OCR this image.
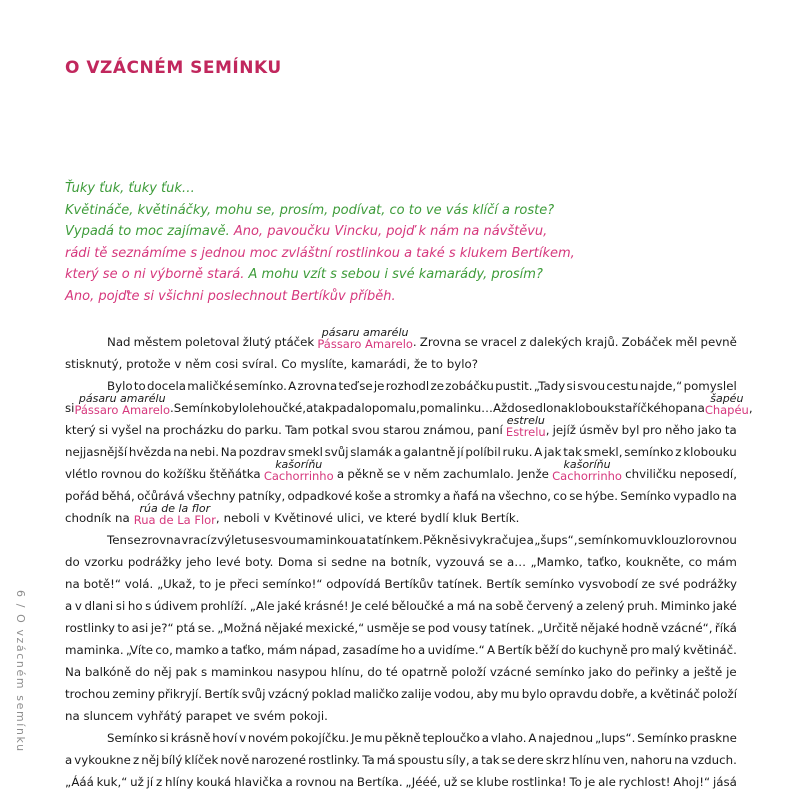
O VZÁCNÉM SEMÍNKU
Ťuky ťuk, ťuky ťuk…
Květináče, květináčky, mohu se, prosím, podívat, co to ve vás klíčí a roste?
Vypadá to moc zajímavě. Ano, pavoučku Vincku, pojď k nám na návštěvu,
rádi tě seznámíme s jednou moc zvláštní rostlinkou a také s klukem Bertíkem,
který se o ni výborně stará. A mohu vzít s sebou i své kamarády, prosím?
Ano, pojďte si všichni poslechnout Bertíkův příběh.
Nad městem poletoval žlutý ptáček
pásaru amarélu
Pássaro Amarelo. Zrovna se vracel z dalekých krajů. Zobáček měl pevně
stisknutý, protože v něm cosi svíral. Co myslíte, kamarádi, že to bylo?
Bylo to docela maličké semínko. A zrovna teď se je rozhodl ze zobáčku pustit. „Tady si svou cestu najde,“ pomyslel
si
pásaru amarélu
Pássaro Amarelo. Semínko bylo lehoučké, a tak padalo pomalu, pomalinku… Až dosedlo na klobouk staříčkého pana
šapéu
Chapéu,
který si vyšel na procházku do parku. Tam potkal svou starou známou, paní
estrelu
Estrelu, jejíž úsměv byl pro něho jako ta
nejjasnější hvězda na nebi. Na pozdrav smekl svůj slamák a galantně jí políbil ruku. A jak tak smekl, semínko z klobouku
vlétlo rovnou do kožíšku štěňátka
kašoríňu
Cachorrinho a pěkně se v něm zachumlalo. Jenže
kašoríňu
Cachorrinho chviličku neposedí,
pořád běhá, očůrává všechny patníky, odpadkové koše a stromky a ňafá na všechno, co se hýbe. Semínko vypadlo na
chodník na
rúa de la flor
Rua de La Flor, neboli v Květinové ulici, ve které bydlí kluk Bertík.
Ten se zrovna vrací z výletu se svou maminkou a tatínkem. Pěkně si vykračuje a „šups“, semínko mu vklouzlo rovnou
do vzorku podrážky jeho levé boty. Doma si sedne na botník, vyzouvá se a… „Mamko, taťko, koukněte, co mám
na botě!“ volá. „Ukaž, to je přeci semínko!“ odpovídá Bertíkův tatínek. Bertík semínko vysvobodí ze své podrážky
a v dlani si ho s údivem prohlíží. „Ale jaké krásné! Je celé běloučké a má na sobě červený a zelený pruh. Miminko jaké
rostlinky to asi je?“ ptá se. „Možná nějaké mexické,“ usměje se pod vousy tatínek. „Určitě nějaké hodně vzácné“, říká
maminka. „Víte co, mamko a taťko, mám nápad, zasadíme ho a uvidíme.“ A Bertík běží do kuchyně pro malý květináč.
Na balkóně do něj pak s maminkou nasypou hlínu, do té opatrně položí vzácné semínko jako do peřinky a ještě je
trochou zeminy přikryjí. Bertík svůj vzácný poklad maličko zalije vodou, aby mu bylo opravdu dobře, a květináč položí
na sluncem vyhřátý parapet ve svém pokoji.
Semínko si krásně hoví v novém pokojíčku. Je mu pěkně teploučko a vlaho. A najednou „lups“. Semínko praskne
a vykoukne z něj bílý klíček nově narozené rostlinky. Ta má spoustu síly, a tak se dere skrz hlínu ven, nahoru na vzduch.
„Ááá kuk,“ už jí z hlíny kouká hlavička a rovnou na Bertíka. „Jééé, už se klube rostlinka! To je ale rychlost! Ahoj!“ jásá
6 / O vzácném semínku
